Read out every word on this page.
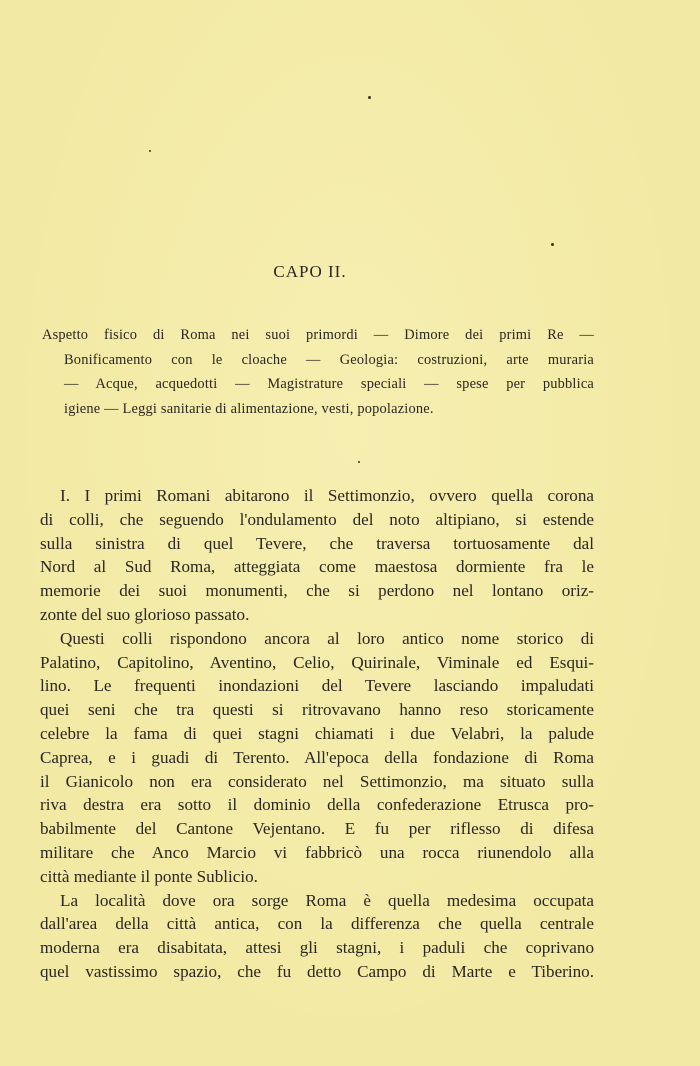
CAPO II.
Aspetto fisico di Roma nei suoi primordi — Dimore dei primi Re —
Bonificamento con le cloache — Geologia: costruzioni, arte muraria
— Acque, acquedotti — Magistrature speciali — spese per pubblica
igiene — Leggi sanitarie di alimentazione, vesti, popolazione.
I. I primi Romani abitarono il Settimonzio, ovvero quella corona
di colli, che seguendo l'ondulamento del noto altipiano, si estende
sulla sinistra di quel Tevere, che traversa tortuosamente dal
Nord al Sud Roma, atteggiata come maestosa dormiente fra le
memorie dei suoi monumenti, che si perdono nel lontano oriz-
zonte del suo glorioso passato.
Questi colli rispondono ancora al loro antico nome storico di
Palatino, Capitolino, Aventino, Celio, Quirinale, Viminale ed Esqui-
lino. Le frequenti inondazioni del Tevere lasciando impaludati
quei seni che tra questi si ritrovavano hanno reso storicamente
celebre la fama di quei stagni chiamati i due Velabri, la palude
Caprea, e i guadi di Terento. All'epoca della fondazione di Roma
il Gianicolo non era considerato nel Settimonzio, ma situato sulla
riva destra era sotto il dominio della confederazione Etrusca pro-
babilmente del Cantone Vejentano. E fu per riflesso di difesa
militare che Anco Marcio vi fabbricò una rocca riunendolo alla
città mediante il ponte Sublicio.
La località dove ora sorge Roma è quella medesima occupata
dall'area della città antica, con la differenza che quella centrale
moderna era disabitata, attesi gli stagni, i paduli che coprivano
quel vastissimo spazio, che fu detto Campo di Marte e Tiberino.
